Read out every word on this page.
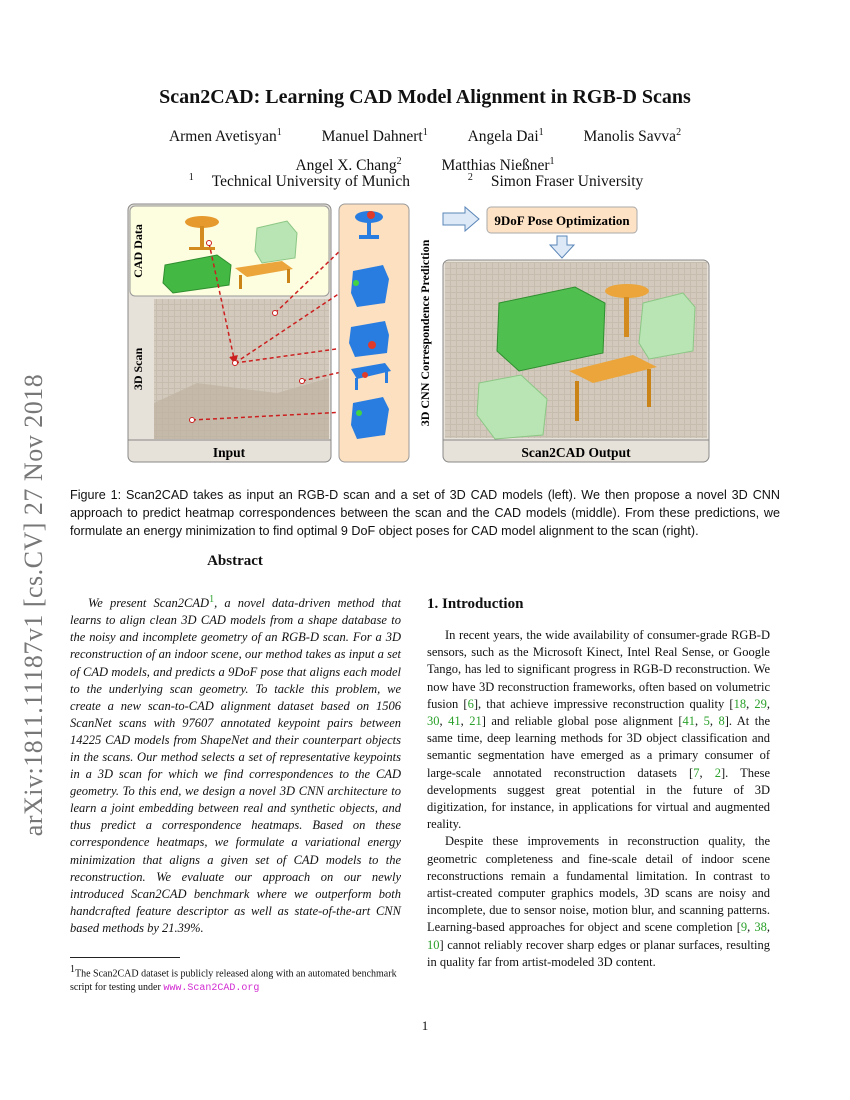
arXiv:1811.11187v1 [cs.CV] 27 Nov 2018
Scan2CAD: Learning CAD Model Alignment in RGB-D Scans
Armen Avetisyan$^1$	Manuel Dahnert$^1$	Angela Dai$^1$	Manolis Savva$^2$
Angel X. Chang$^2$	Matthias Nießner$^1$
$^1$ Technical University of Munich	$^2$ Simon Fraser University
CAD Data
3D Scan
Input
3D CNN Correspondence Prediction
9DoF Pose Optimization
Scan2CAD Output
Figure 1: Scan2CAD takes as input an RGB-D scan and a set of 3D CAD models (left). We then propose a novel 3D CNN approach to predict heatmap correspondences between the scan and the CAD models (middle). From these predictions, we formulate an energy minimization to find optimal 9 DoF object poses for CAD model alignment to the scan (right).
Abstract

We present Scan2CAD$^1$, a novel data-driven method that learns to align clean 3D CAD models from a shape database to the noisy and incomplete geometry of an RGB-D scan. For a 3D reconstruction of an indoor scene, our method takes as input a set of CAD models, and predicts a 9DoF pose that aligns each model to the underlying scan geometry. To tackle this problem, we create a new scan-to-CAD alignment dataset based on 1506 ScanNet scans with 97607 annotated keypoint pairs between 14225 CAD models from ShapeNet and their counterpart objects in the scans. Our method selects a set of representative keypoints in a 3D scan for which we find correspondences to the CAD geometry. To this end, we design a novel 3D CNN architecture to learn a joint embedding between real and synthetic objects, and thus predict a correspondence heatmaps. Based on these correspondence heatmaps, we formulate a variational energy minimization that aligns a given set of CAD models to the reconstruction. We evaluate our approach on our newly introduced Scan2CAD benchmark where we outperform both handcrafted feature descriptor as well as state-of-the-art CNN based methods by 21.39%.

$^1$The Scan2CAD dataset is publicly released along with an automated benchmark script for testing under www.Scan2CAD.org
1. Introduction

In recent years, the wide availability of consumer-grade RGB-D sensors, such as the Microsoft Kinect, Intel Real Sense, or Google Tango, has led to significant progress in RGB-D reconstruction. We now have 3D reconstruction frameworks, often based on volumetric fusion [6], that achieve impressive reconstruction quality [18, 29, 30, 41, 21] and reliable global pose alignment [41, 5, 8]. At the same time, deep learning methods for 3D object classification and semantic segmentation have emerged as a primary consumer of large-scale annotated reconstruction datasets [7, 2]. These developments suggest great potential in the future of 3D digitization, for instance, in applications for virtual and augmented reality.

Despite these improvements in reconstruction quality, the geometric completeness and fine-scale detail of indoor scene reconstructions remain a fundamental limitation. In contrast to artist-created computer graphics models, 3D scans are noisy and incomplete, due to sensor noise, motion blur, and scanning patterns. Learning-based approaches for object and scene completion [9, 38, 10] cannot reliably recover sharp edges or planar surfaces, resulting in quality far from artist-modeled 3D content.

1
